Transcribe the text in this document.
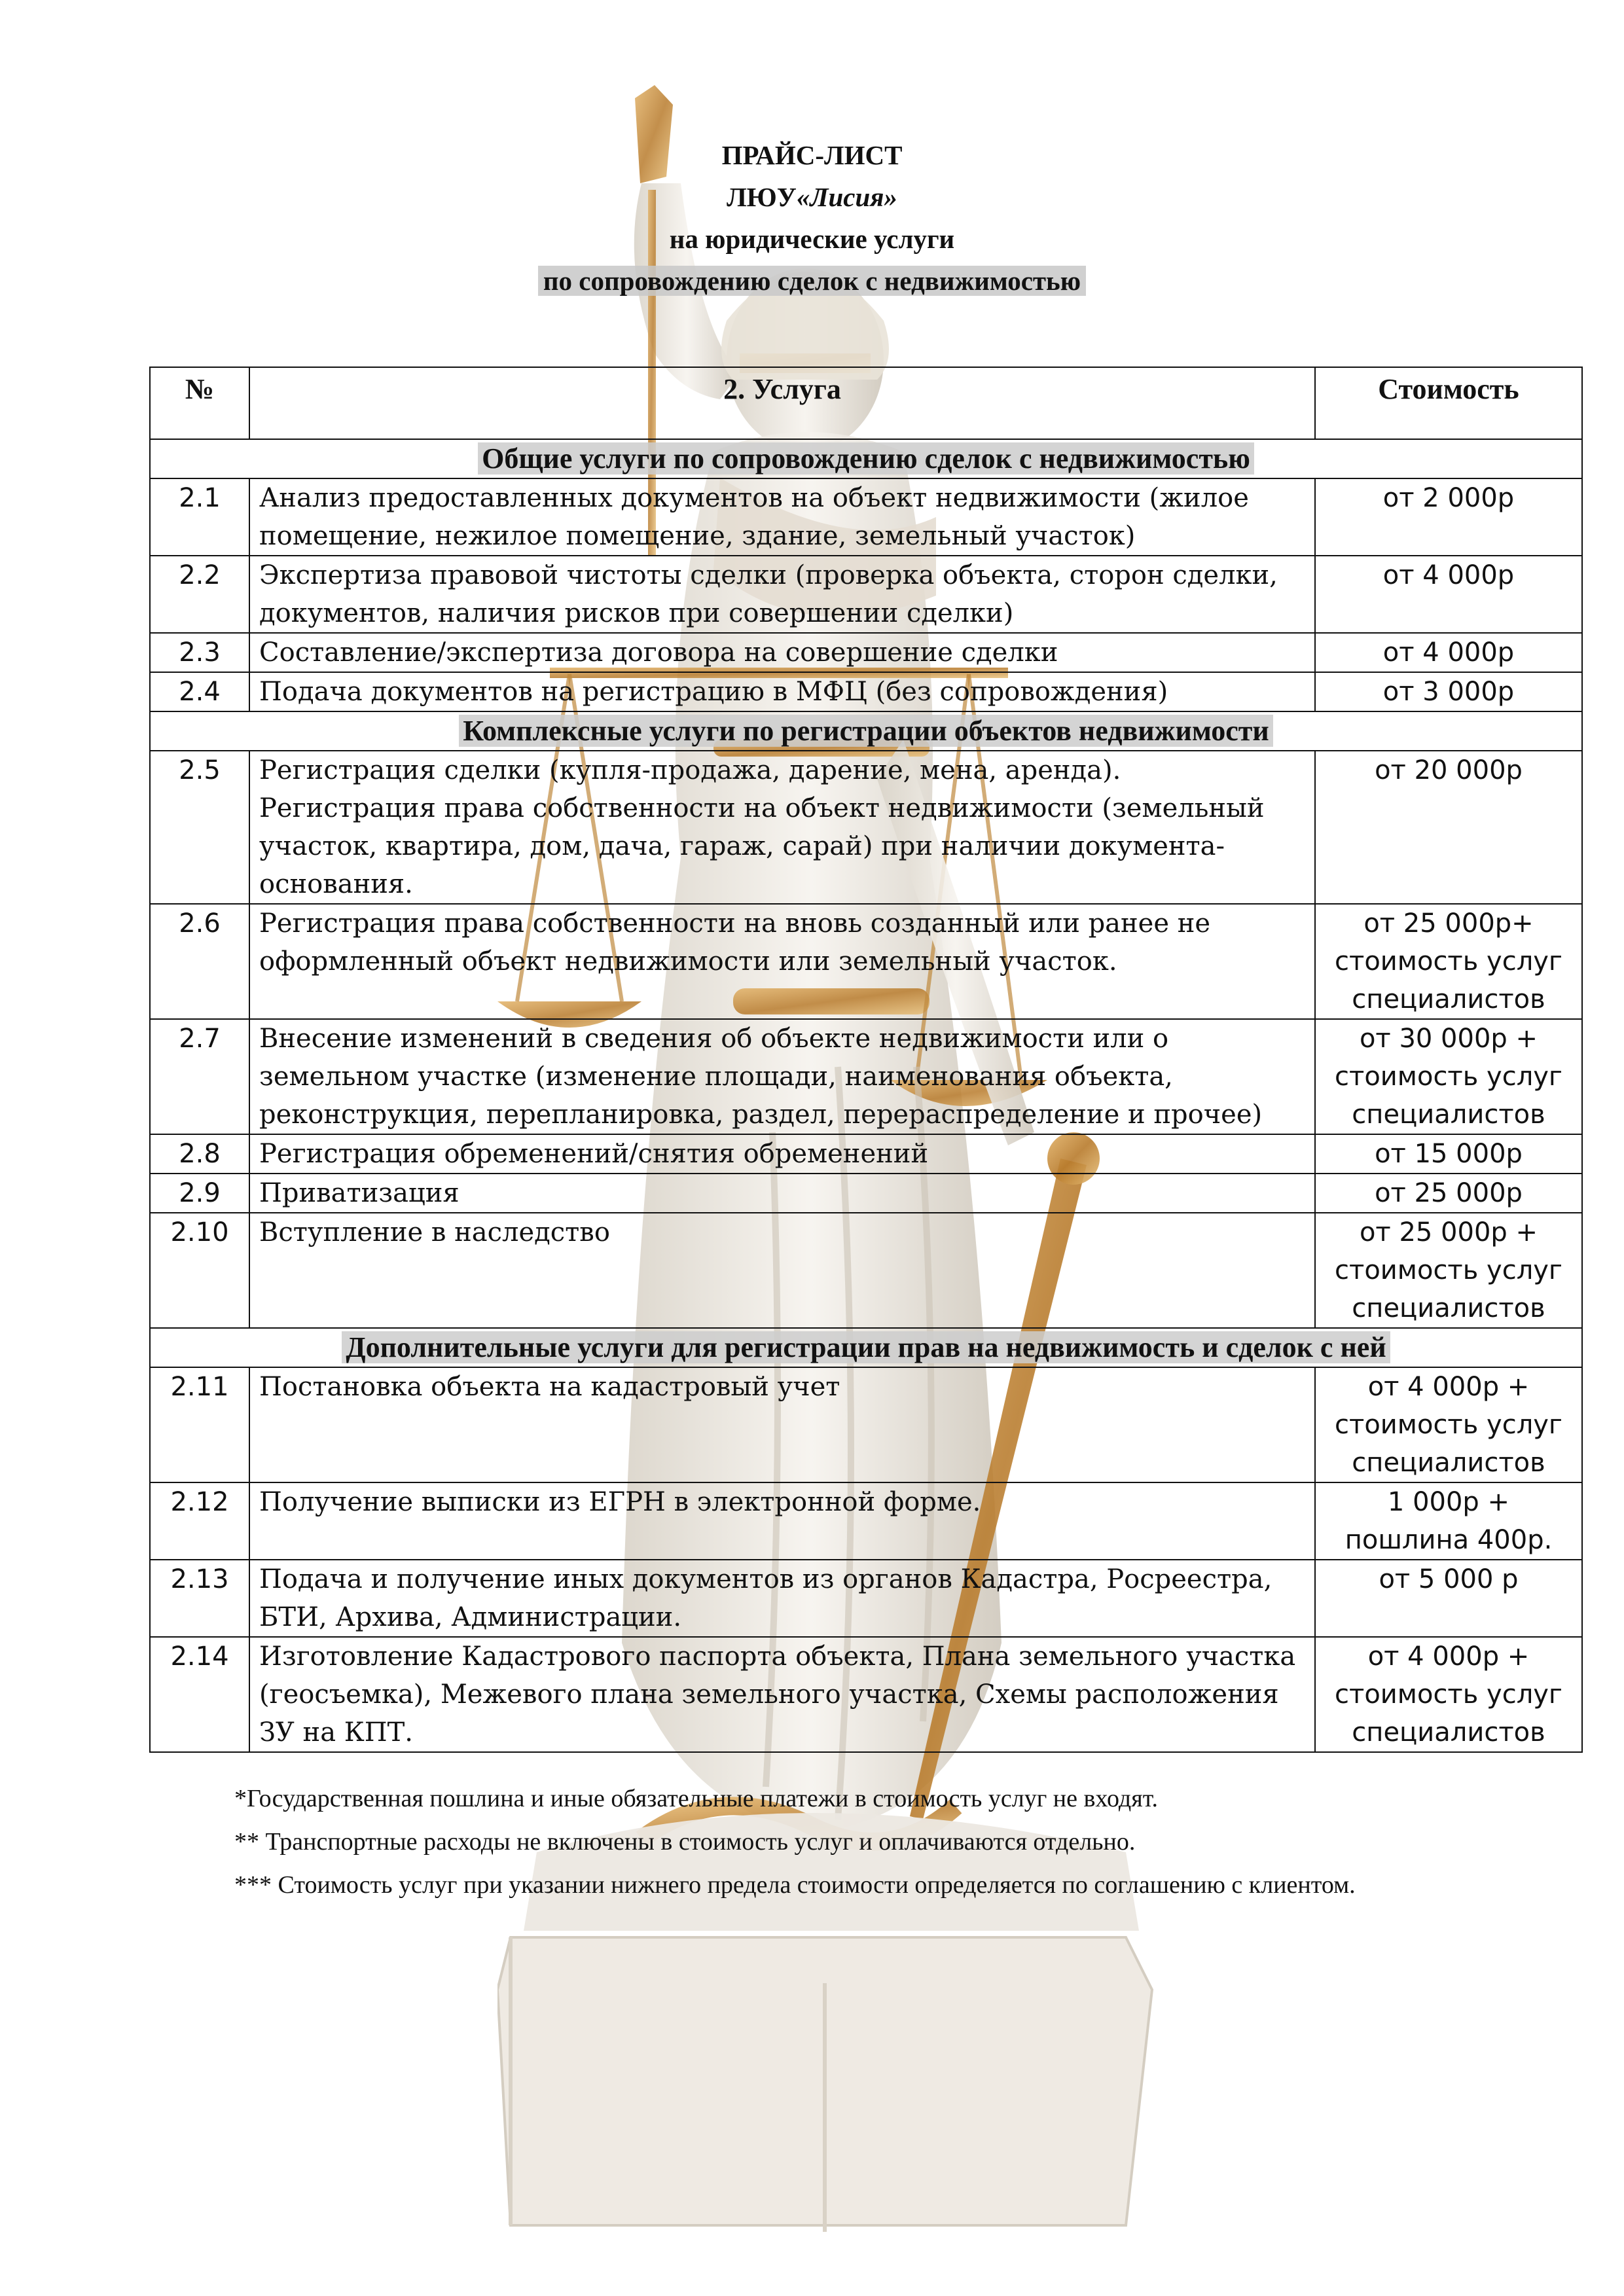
ПРАЙС-ЛИСТ
ЛЮУ«Лисия»
на юридические услуги
по сопровождению сделок с недвижимостью
№	2. Услуга	Стоимость
Общие услуги по сопровождению сделок с недвижимостью		
2.1	Анализ предоставленных документов на объект недвижимости (жилое помещение, нежилое помещение, здание, земельный участок)	от 2 000р
2.2	Экспертиза правовой чистоты сделки (проверка объекта, сторон сделки, документов, наличия рисков при совершении сделки)	от 4 000р
2.3	Составление/экспертиза договора на совершение сделки	от 4 000р
2.4	Подача документов на регистрацию в МФЦ (без сопровождения)	от 3 000р
Комплексные услуги по регистрации объектов недвижимости		
2.5	Регистрация сделки (купля-продажа, дарение, мена, аренда). Регистрация права собственности на объект недвижимости (земельный участок, квартира, дом, дача, гараж, сарай) при наличии документа-основания.	от 20 000р
2.6	Регистрация права собственности на вновь созданный или ранее не оформленный объект недвижимости или земельный участок.	от 25 000р+ стоимость услуг специалистов
2.7	Внесение изменений в сведения об объекте недвижимости или о земельном участке (изменение площади, наименования объекта, реконструкция, перепланировка, раздел, перераспределение и прочее)	от 30 000р + стоимость услуг специалистов
2.8	Регистрация обременений/снятия обременений	от 15 000р
2.9	Приватизация	от 25 000р
2.10	Вступление в наследство	от 25 000р + стоимость услуг специалистов
Дополнительные услуги для регистрации прав на недвижимость и сделок с ней		
2.11	Постановка объекта на кадастровый учет	от 4 000р + стоимость услуг специалистов
2.12	Получение выписки из ЕГРН в электронной форме.	1 000р + пошлина 400р.
2.13	Подача и получение иных документов из органов Кадастра, Росреестра, БТИ, Архива, Администрации.	от 5 000 р
2.14	Изготовление Кадастрового паспорта объекта, Плана земельного участка (геосъемка), Межевого плана земельного участка, Схемы расположения ЗУ на КПТ.	от 4 000р + стоимость услуг специалистов

*Государственная пошлина и иные обязательные платежи в стоимость услуг не входят.

** Транспортные расходы не включены в стоимость услуг и оплачиваются отдельно.

*** Стоимость услуг при указании нижнего предела стоимости определяется по соглашению с клиентом.
